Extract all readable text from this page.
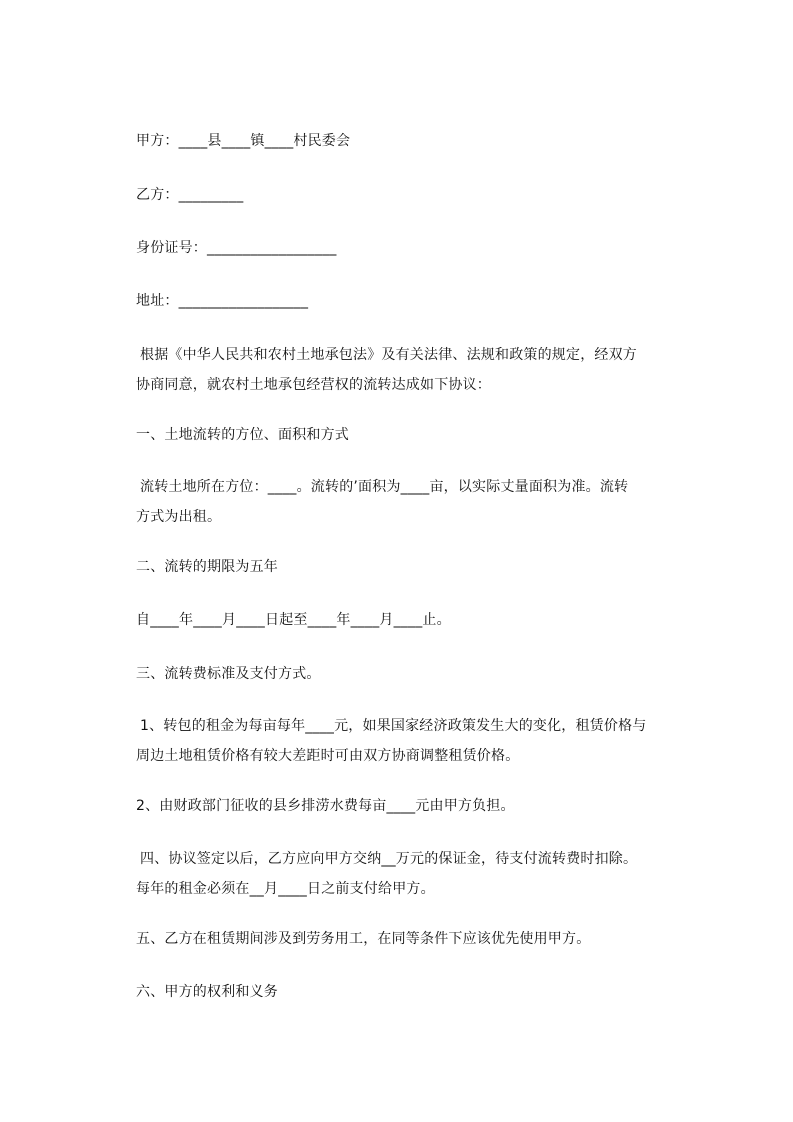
甲方：____县____镇____村民委会
乙方：_________
身份证号：__________________
地址：__________________
根据《中华人民共和农村土地承包法》及有关法律、法规和政策的规定，经双方
协商同意，就农村土地承包经营权的流转达成如下协议：
一、土地流转的方位、面积和方式
流转土地所在方位：____。流转的’面积为____亩，以实际丈量面积为准。流转
方式为出租。
二、流转的期限为五年
自____年____月____日起至____年____月____止。
三、流转费标准及支付方式。
1、转包的租金为每亩每年____元，如果国家经济政策发生大的变化，租赁价格与
周边土地租赁价格有较大差距时可由双方协商调整租赁价格。
2、由财政部门征收的县乡排涝水费每亩____元由甲方负担。
四、协议签定以后，乙方应向甲方交纳__万元的保证金，待支付流转费时扣除。
每年的租金必须在__月____日之前支付给甲方。
五、乙方在租赁期间涉及到劳务用工，在同等条件下应该优先使用甲方。
六、甲方的权利和义务
